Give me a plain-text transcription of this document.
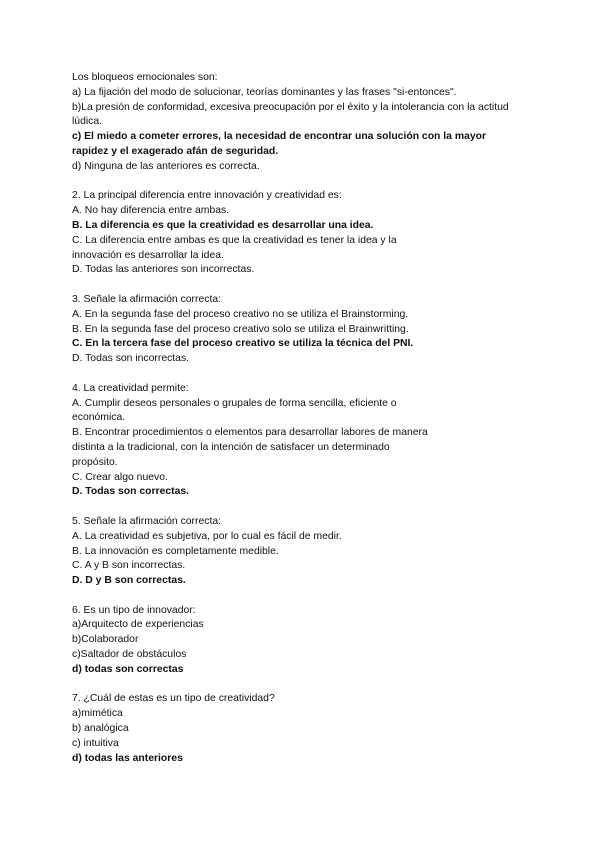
Los bloqueos emocionales son:
a) La fijación del modo de solucionar, teorías dominantes y las frases "si-entonces".
b)La presión de conformidad, excesiva preocupación por el éxito y la intolerancia con la actitud lúdica.
c) El miedo a cometer errores, la necesidad de encontrar una solución con la mayor rapidez y el exagerado afán de seguridad.
d) Ninguna de las anteriores es correcta.
2. La principal diferencia entre innovación y creatividad es:
A. No hay diferencia entre ambas.
B. La diferencia es que la creatividad es desarrollar una idea.
C. La diferencia entre ambas es que la creatividad es tener la idea y la innovación es desarrollar la idea.
D. Todas las anteriores son incorrectas.
3. Señale la afirmación correcta:
A. En la segunda fase del proceso creativo no se utiliza el Brainstorming.
B. En la segunda fase del proceso creativo solo se utiliza el Brainwritting.
C. En la tercera fase del proceso creativo se utiliza la técnica del PNI.
D. Todas son incorrectas.
4. La creatividad permite:
A. Cumplir deseos personales o grupales de forma sencilla, eficiente o económica.
B. Encontrar procedimientos o elementos para desarrollar labores de manera distinta a la tradicional, con la intención de satisfacer un determinado propósito.
C. Crear algo nuevo.
D. Todas son correctas.
5. Señale la afirmación correcta:
A. La creatividad es subjetiva, por lo cual es fácil de medir.
B. La innovación es completamente medible.
C. A y B son incorrectas.
D. D y B son correctas.
6. Es un tipo de innovador:
a)Arquitecto de experiencias
b)Colaborador
c)Saltador de obstáculos
d) todas son correctas
7. ¿Cuál de estas es un tipo de creatividad?
a)mimética
b) analógica
c) intuitiva
d) todas las anteriores
